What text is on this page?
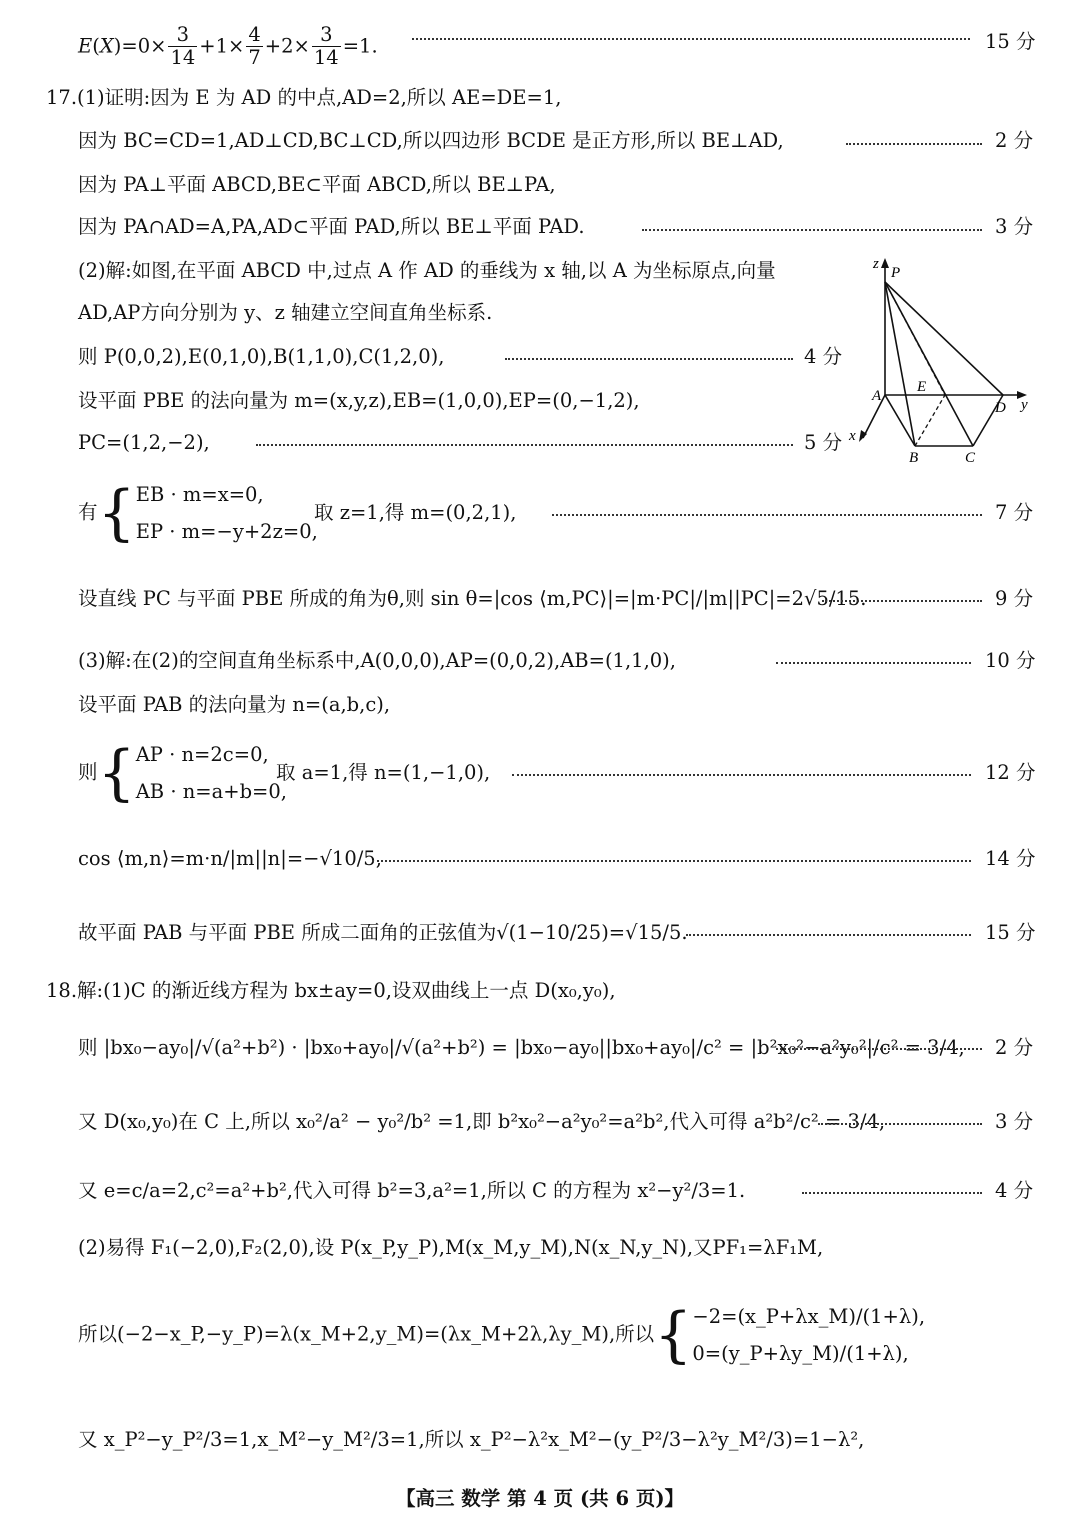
$E(X)=0\times \frac{3}{14} +1\times \frac{4}{7} +2\times \frac{3}{14} =1$.	15 分
17.(1)证明:因为 E 为 AD 的中点,AD=2,所以 AE=DE=1,
因为 BC=CD=1,AD⊥CD,BC⊥CD,所以四边形 BCDE 是正方形,所以 BE⊥AD,	2 分
因为 PA⊥平面 ABCD,BE⊂平面 ABCD,所以 BE⊥PA,
因为 PA∩AD=A,PA,AD⊂平面 PAD,所以 BE⊥平面 PAD.	3 分
(2)解:如图,在平面 ABCD 中,过点 A 作 AD 的垂线为 x 轴,以 A 为坐标原点,向量
AD,AP方向分别为 y、z 轴建立空间直角坐标系.
则 P(0,0,2),E(0,1,0),B(1,1,0),C(1,2,0),	4 分
设平面 PBE 的法向量为 m=(x,y,z),EB=(1,0,0),EP=(0,−1,2),
PC=(1,2,−2),	5 分
z
P
A
E
D y
x
B	C
有{EB · m=x=0,
EP · m=−y+2z=0,
取 z=1,得 m=(0,2,1),	7 分
设直线 PC 与平面 PBE 所成的角为θ,则 sin θ=|cos ⟨m,PC⟩|=|m·PC|/|m||PC|=2√5/15.	9 分
(3)解:在(2)的空间直角坐标系中,A(0,0,0),AP=(0,0,2),AB=(1,1,0),	10 分
设平面 PAB 的法向量为 n=(a,b,c),
则{AP · n=2c=0,
AB · n=a+b=0,
取 a=1,得 n=(1,−1,0),	12 分
cos ⟨m,n⟩=m·n/|m||n|=−√10/5,	14 分
故平面 PAB 与平面 PBE 所成二面角的正弦值为√(1−10/25)=√15/5.	15 分
18.解:(1)C 的渐近线方程为 bx±ay=0,设双曲线上一点 D(x₀,y₀),
则 |bx₀−ay₀|/√(a²+b²) · |bx₀+ay₀|/√(a²+b²) = |bx₀−ay₀||bx₀+ay₀|/c² = |b²x₀²−a²y₀²|/c² = 3/4, 2 分
又 D(x₀,y₀)在 C 上,所以 x₀²/a² − y₀²/b² =1,即 b²x₀²−a²y₀²=a²b²,代入可得 a²b²/c² = 3/4,	3 分
又 e=c/a=2,c²=a²+b²,代入可得 b²=3,a²=1,所以 C 的方程为 x²−y²/3=1.	4 分
(2)易得 F₁(−2,0),F₂(2,0),设 P(x_P,y_P),M(x_M,y_M),N(x_N,y_N),又PF₁=λF₁M,
所以(−2−x_P,−y_P)=λ(x_M+2,y_M)=(λx_M+2λ,λy_M),所以{−2=(x_P+λx_M)/(1+λ),
0=(y_P+λy_M)/(1+λ),
又 x_P²−y_P²/3=1,x_M²−y_M²/3=1,所以 x_P²−λ²x_M²−(y_P²/3−λ²y_M²/3)=1−λ²,
【高三 数学 第 4 页 (共 6 页)】
